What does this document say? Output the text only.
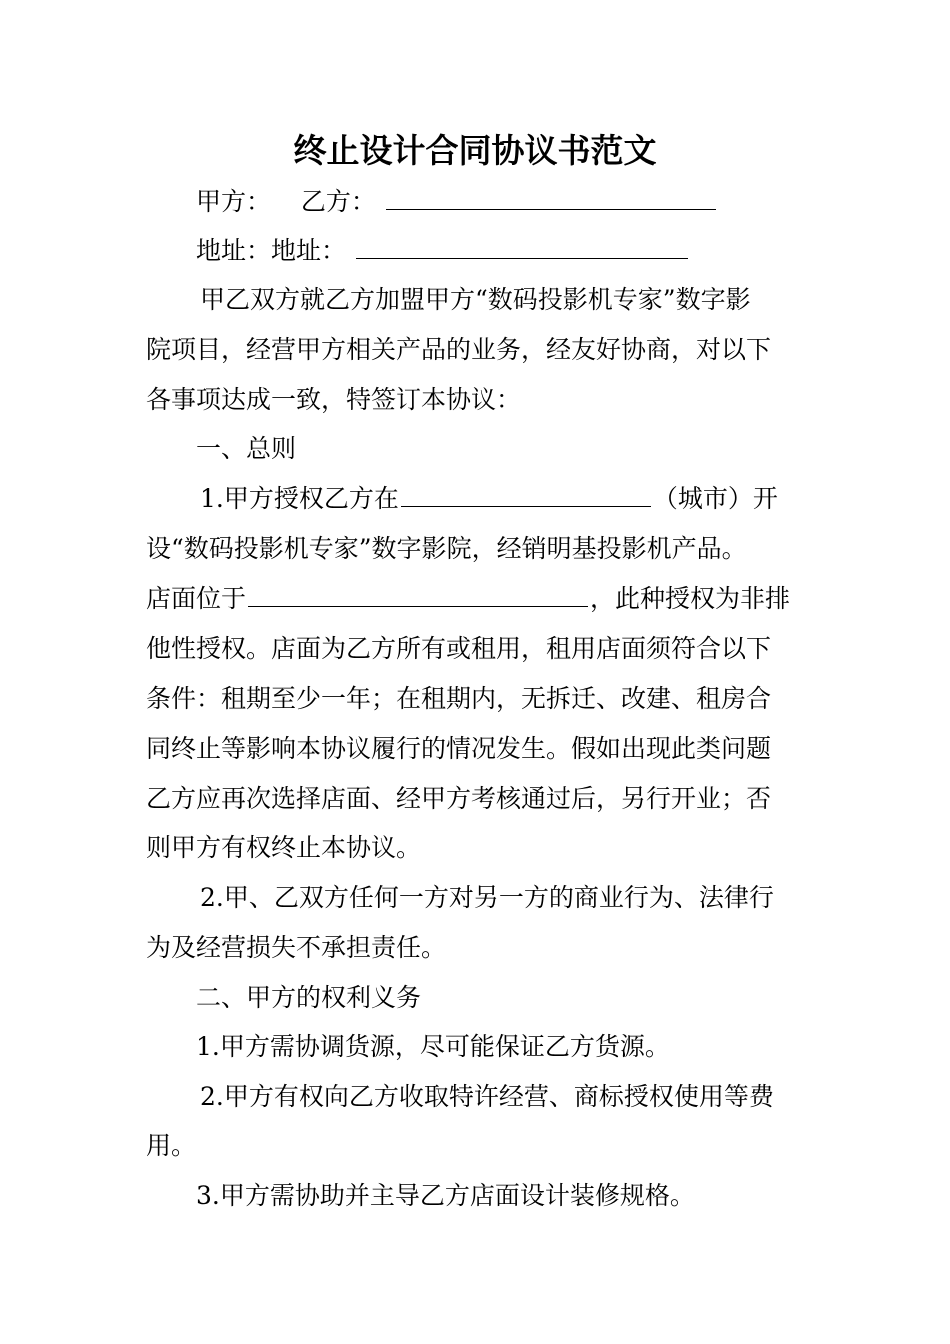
终止设计合同协议书范文
甲方： 乙方：
地址：地址：
甲乙双方就乙方加盟甲方“数码投影机专家”数字影
院项目，经营甲方相关产品的业务，经友好协商，对以下
各事项达成一致，特签订本协议：
一、总则
1.甲方授权乙方在	（城市）开
设“数码投影机专家”数字影院，经销明基投影机产品。
店面位于	，此种授权为非排
他性授权。店面为乙方所有或租用，租用店面须符合以下
条件：租期至少一年；在租期内，无拆迁、改建、租房合
同终止等影响本协议履行的情况发生。假如出现此类问题
乙方应再次选择店面、经甲方考核通过后，另行开业；否
则甲方有权终止本协议。
2.甲、乙双方任何一方对另一方的商业行为、法律行
为及经营损失不承担责任。
二、甲方的权利义务
1.甲方需协调货源，尽可能保证乙方货源。
2.甲方有权向乙方收取特许经营、商标授权使用等费
用。
3.甲方需协助并主导乙方店面设计装修规格。
